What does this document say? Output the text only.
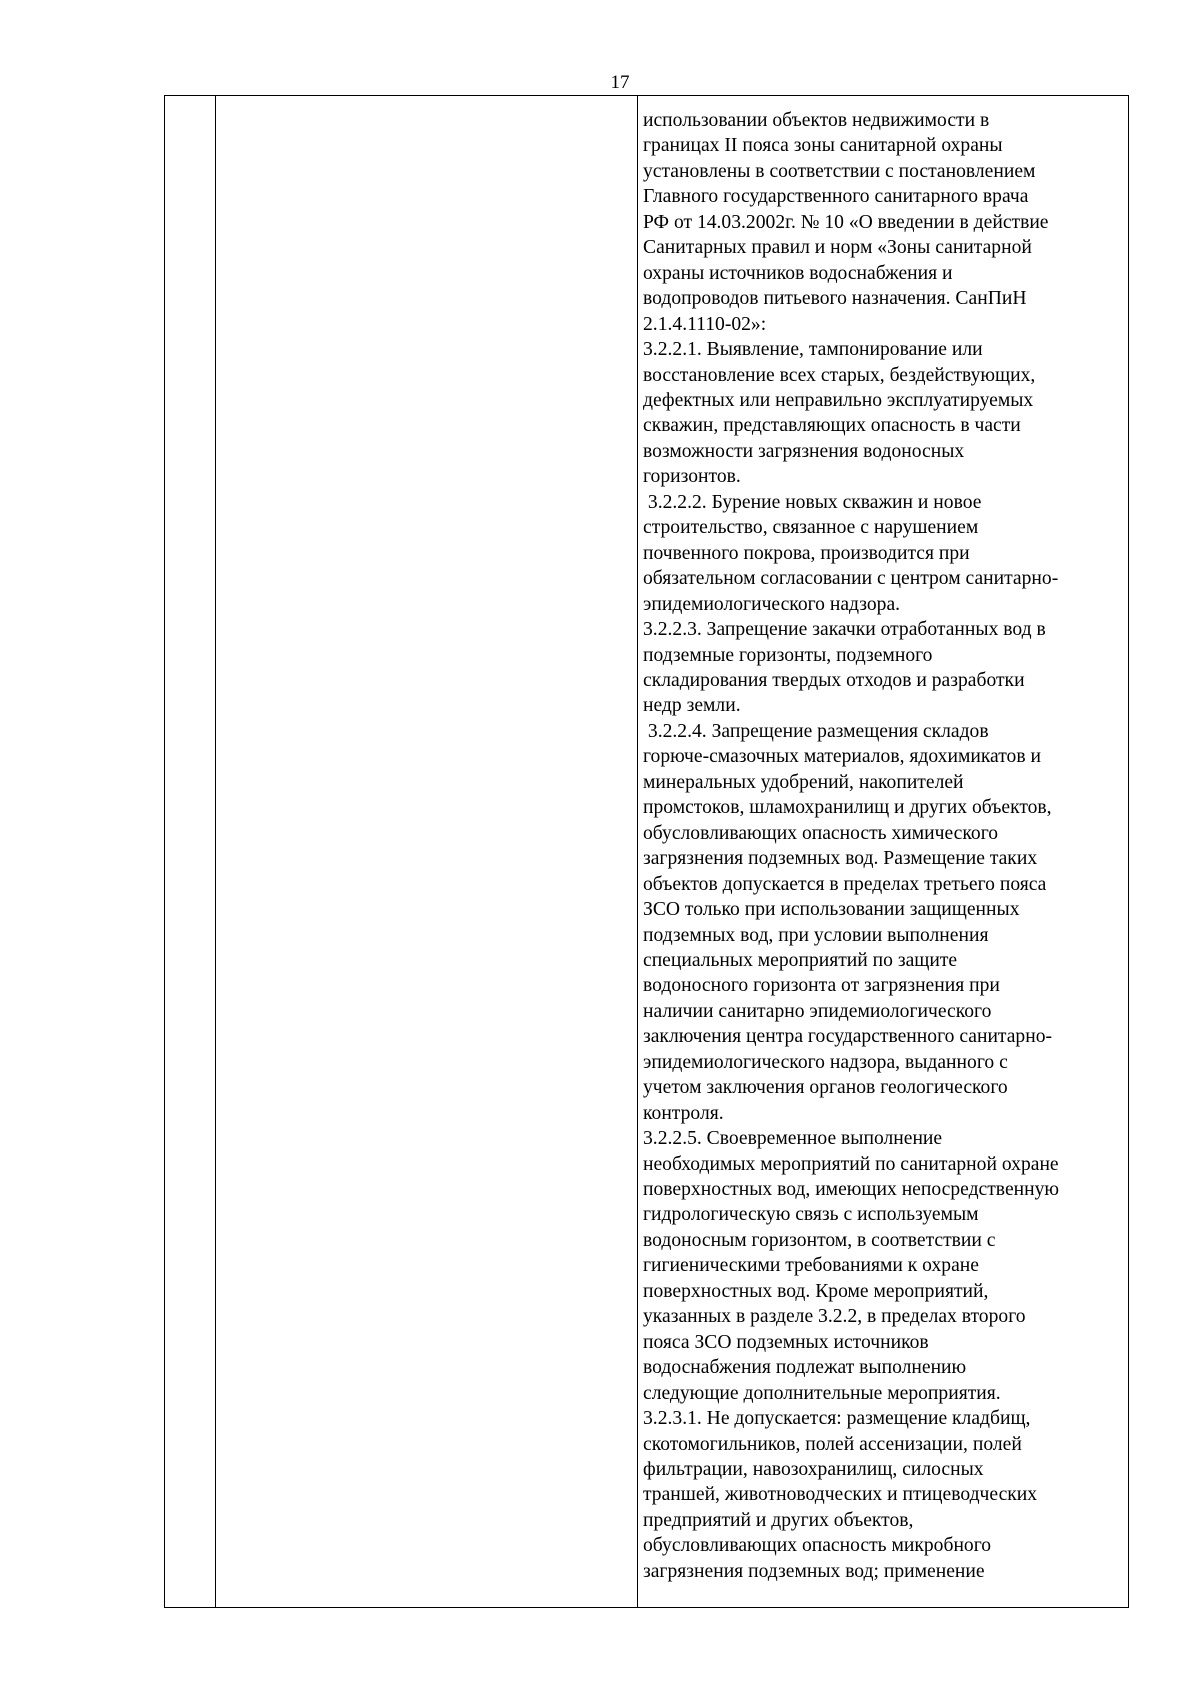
17

использовании объектов недвижимости в
границах II пояса зоны санитарной охраны
установлены в соответствии с постановлением
Главного государственного санитарного врача
РФ от 14.03.2002г. № 10 «О введении в действие
Санитарных правил и норм «Зоны санитарной
охраны источников водоснабжения и
водопроводов питьевого назначения. СанПиН
2.1.4.1110-02»:
3.2.2.1. Выявление, тампонирование или
восстановление всех старых, бездействующих,
дефектных или неправильно эксплуатируемых
скважин, представляющих опасность в части
возможности загрязнения водоносных
горизонтов.
3.2.2.2. Бурение новых скважин и новое
строительство, связанное с нарушением
почвенного покрова, производится при
обязательном согласовании с центром санитарно-
эпидемиологического надзора.
3.2.2.3. Запрещение закачки отработанных вод в
подземные горизонты, подземного
складирования твердых отходов и разработки
недр земли.
3.2.2.4. Запрещение размещения складов
горюче-смазочных материалов, ядохимикатов и
минеральных удобрений, накопителей
промстоков, шламохранилищ и других объектов,
обусловливающих опасность химического
загрязнения подземных вод. Размещение таких
объектов допускается в пределах третьего пояса
ЗСО только при использовании защищенных
подземных вод, при условии выполнения
специальных мероприятий по защите
водоносного горизонта от загрязнения при
наличии санитарно эпидемиологического
заключения центра государственного санитарно-
эпидемиологического надзора, выданного с
учетом заключения органов геологического
контроля.
3.2.2.5. Своевременное выполнение
необходимых мероприятий по санитарной охране
поверхностных вод, имеющих непосредственную
гидрологическую связь с используемым
водоносным горизонтом, в соответствии с
гигиеническими требованиями к охране
поверхностных вод. Кроме мероприятий,
указанных в разделе 3.2.2, в пределах второго
пояса ЗСО подземных источников
водоснабжения подлежат выполнению
следующие дополнительные мероприятия.
3.2.3.1. Не допускается: размещение кладбищ,
скотомогильников, полей ассенизации, полей
фильтрации, навозохранилищ, силосных
траншей, животноводческих и птицеводческих
предприятий и других объектов,
обусловливающих опасность микробного
загрязнения подземных вод; применение
